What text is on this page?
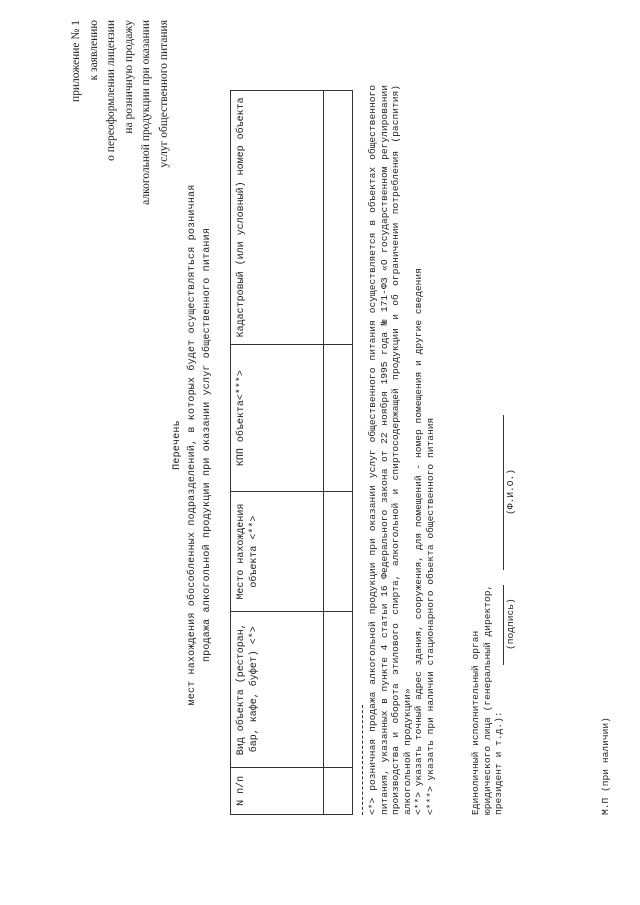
приложение № 1 к заявлению о переоформлении лицензии на розничную продажу алкогольной продукции при оказании услуг общественного питания
Перечень мест нахождения обособленных подразделений, в которых будет осуществляться розничная продажа алкогольной продукции при оказании услуг общественного питания
N п/п	Вид объекта (ресторан, бар, кафе, буфет) <*>	Место нахождения объекта <**>	КПП объекта<***>	Кадастровый (или условный) номер объекта
					<*> розничная продажа алкогольной продукции при оказании услуг общественного питания осуществляется в объектах общественного питания, указанных в пункте 4 статьи 16 Федерального закона от 22 ноября 1995 года № 171-ФЗ «О государственном регулировании производства и оборота этилового спирта, алкогольной и спиртосодержащей продукции и об ограничении потребления (распития) алкогольной продукции» <**> указать точный адрес здания, сооружения, для помещений - номер помещения и другие сведения <***> указать при наличии стационарного объекта общественного питания	Единоличный исполнительный орган юридического лица (генеральный директор, президент и т.д.):
(подпись)
(Ф.И.О.)
М.П (при наличии)
